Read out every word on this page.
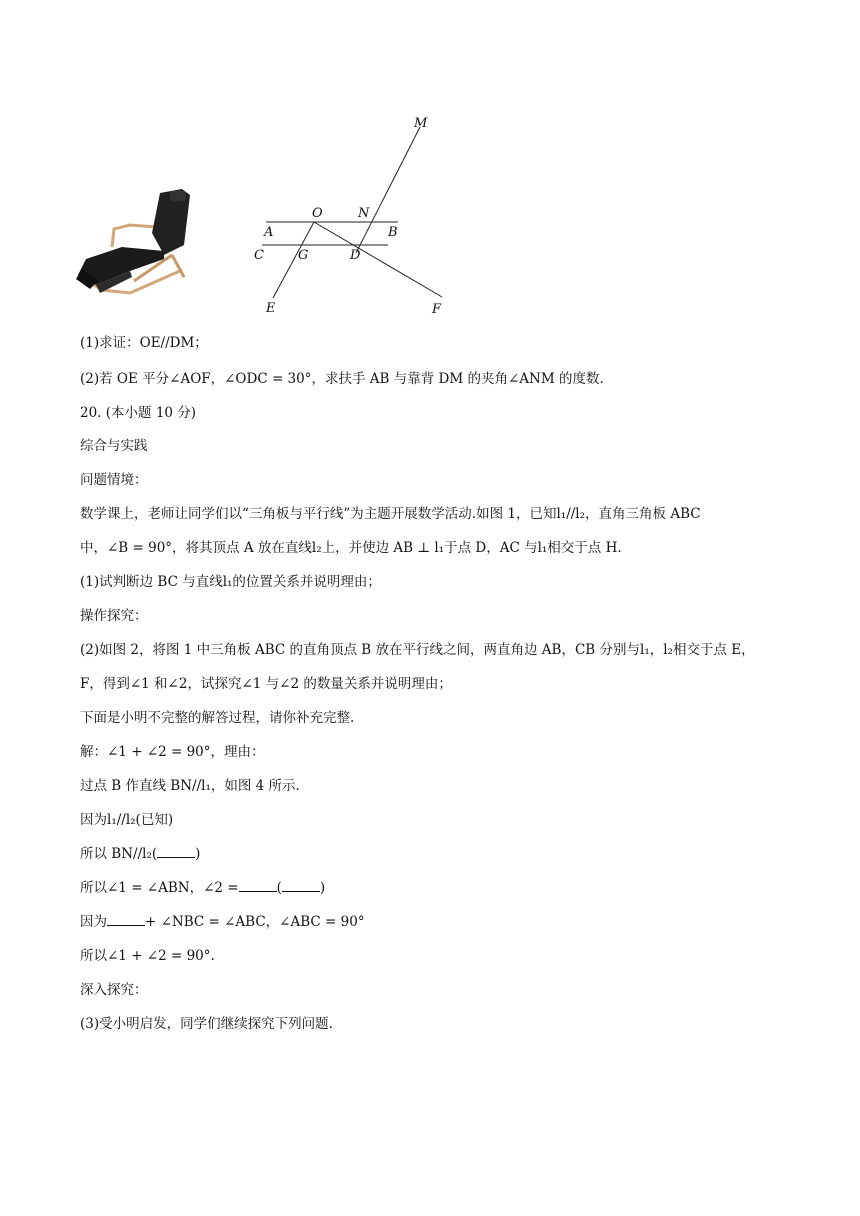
M
O	N
A	B
C	G	D
E	F
(1)求证：OE//DM；
(2)若 OE 平分∠AOF，∠ODC = 30°，求扶手 AB 与靠背 DM 的夹角∠ANM 的度数.
20. (本小题 10 分)
综合与实践
问题情境：
数学课上，老师让同学们以“三角板与平行线”为主题开展数学活动.如图 1，已知l₁//l₂，直角三角板 ABC
中，∠B = 90°，将其顶点 A 放在直线l₂上，并使边 AB ⊥ l₁于点 D，AC 与l₁相交于点 H.
(1)试判断边 BC 与直线l₁的位置关系并说明理由；
操作探究：
(2)如图 2，将图 1 中三角板 ABC 的直角顶点 B 放在平行线之间，两直角边 AB，CB 分别与l₁，l₂相交于点 E，
F，得到∠1 和∠2，试探究∠1 与∠2 的数量关系并说明理由；
下面是小明不完整的解答过程，请你补充完整.
解：∠1 + ∠2 = 90°，理由：
过点 B 作直线 BN//l₁，如图 4 所示.
因为l₁//l₂(已知)
所以 BN//l₂(	)
所以∠1 = ∠ABN，∠2 =	(	)
因为	+ ∠NBC = ∠ABC，∠ABC = 90°
所以∠1 + ∠2 = 90°.
深入探究：
(3)受小明启发，同学们继续探究下列问题.
